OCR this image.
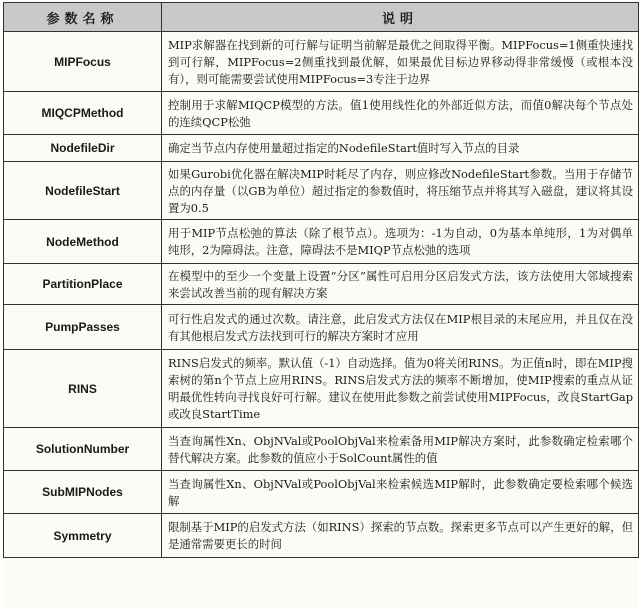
参数名称	说明
MIPFocus	MIP求解器在找到新的可行解与证明当前解是最优之间取得平衡。MIPFocus=1侧重快速找到可行解，MIPFocus=2侧重找到最优解，如果最优目标边界移动得非常缓慢（或根本没有），则可能需要尝试使用MIPFocus=3专注于边界
MIQCPMethod	控制用于求解MIQCP模型的方法。值1使用线性化的外部近似方法，而值0解决每个节点处的连续QCP松弛
NodefileDir	确定当节点内存使用量超过指定的NodefileStart值时写入节点的目录
NodefileStart	如果Gurobi优化器在解决MIP时耗尽了内存，则应修改NodefileStart参数。当用于存储节点的内存量（以GB为单位）超过指定的参数值时，将压缩节点并将其写入磁盘，建议将其设置为0.5
NodeMethod	用于MIP节点松弛的算法（除了根节点）。选项为：-1为自动，0为基本单纯形，1为对偶单纯形，2为障碍法。注意，障碍法不是MIQP节点松弛的选项
PartitionPlace	在模型中的至少一个变量上设置“分区”属性可启用分区启发式方法，该方法使用大邻域搜索来尝试改善当前的现有解决方案
PumpPasses	可行性启发式的通过次数。请注意，此启发式方法仅在MIP根目录的末尾应用，并且仅在没有其他根启发式方法找到可行的解决方案时才应用
RINS	RINS启发式的频率。默认值（-1）自动选择。值为0将关闭RINS。为正值n时，即在MIP搜索树的第n个节点上应用RINS。RINS启发式方法的频率不断增加，使MIP搜索的重点从证明最优性转向寻找良好可行解。建议在使用此参数之前尝试使用MIPFocus，改良StartGap或改良StartTime
SolutionNumber	当查询属性Xn、ObjNVal或PoolObjVal来检索备用MIP解决方案时，此参数确定检索哪个替代解决方案。此参数的值应小于SolCount属性的值
SubMIPNodes	当查询属性Xn、ObjNVal或PoolObjVal来检索候选MIP解时，此参数确定要检索哪个候选解
Symmetry	限制基于MIP的启发式方法（如RINS）探索的节点数。探索更多节点可以产生更好的解，但是通常需要更长的时间
